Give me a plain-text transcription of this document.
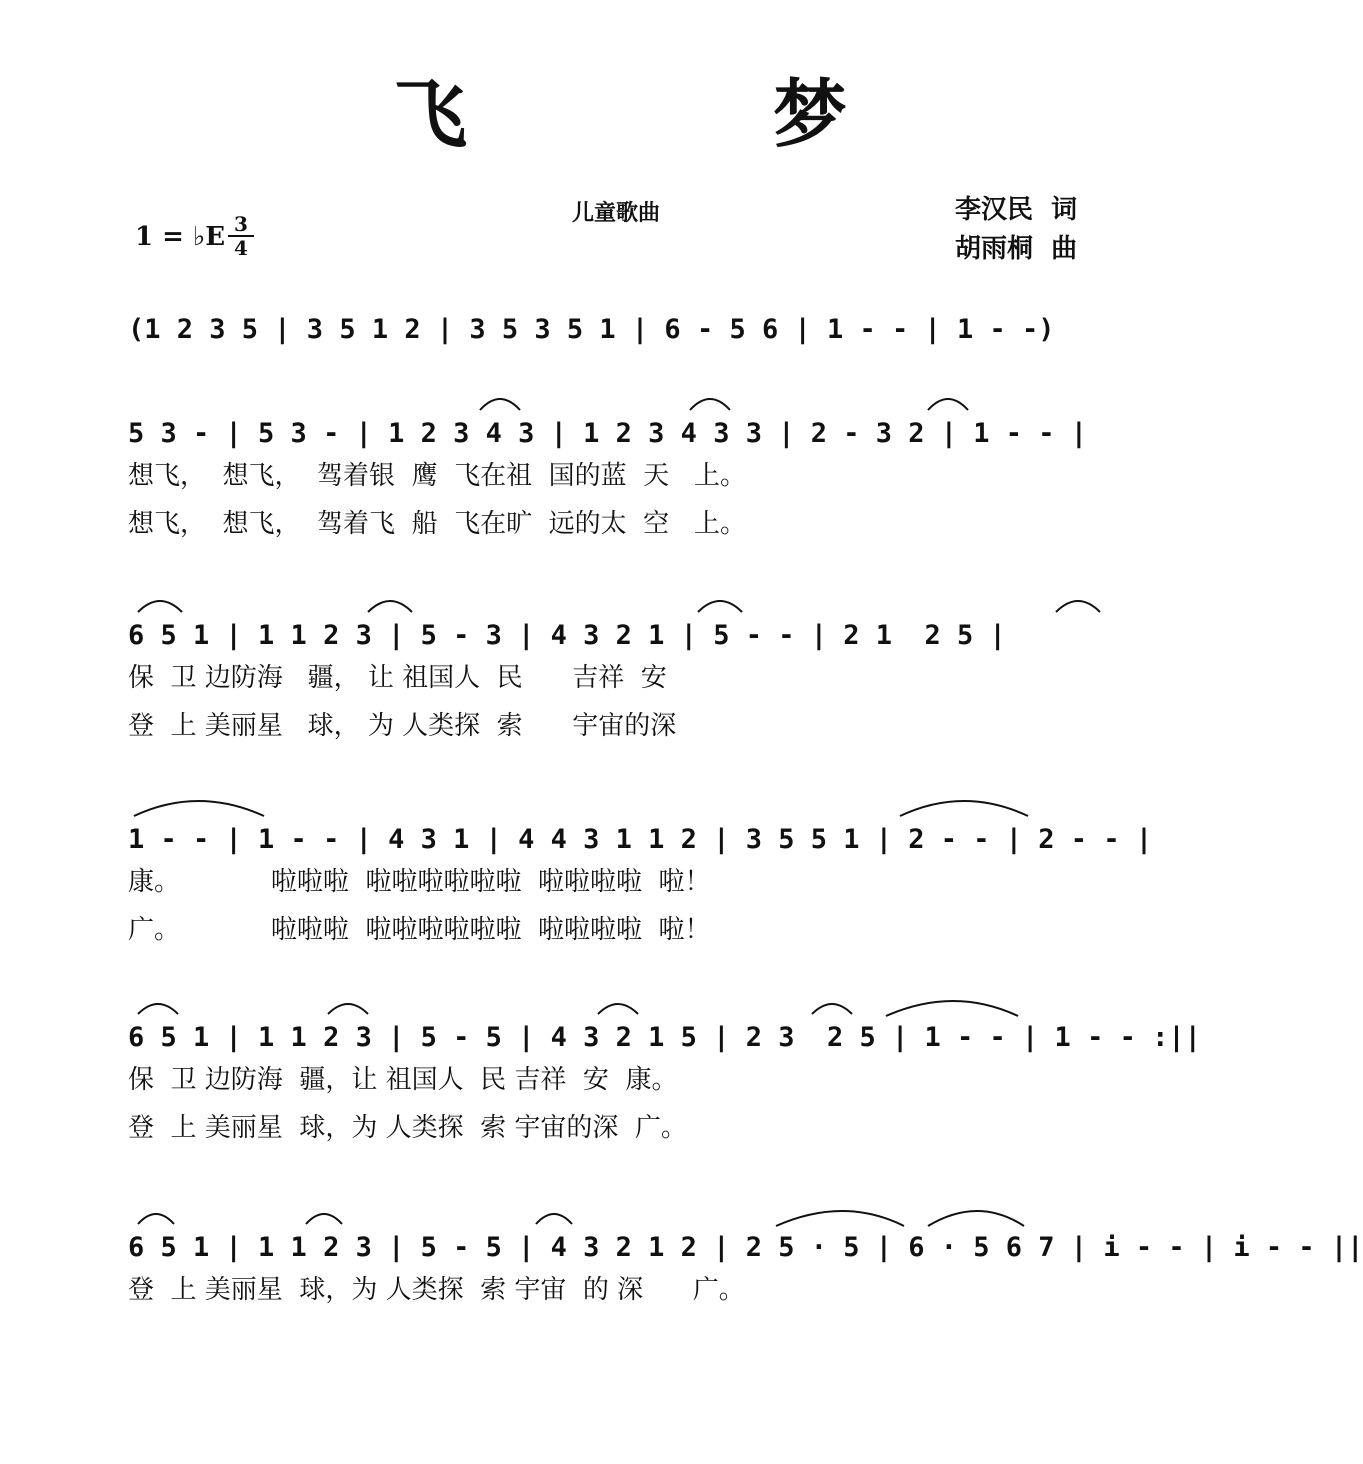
飞 梦
儿童歌曲	李汉民  词
胡雨桐  曲
1 = ♭E 3
4
(1 2 3 5 | 3 5 1 2 | 3 5 3 5 1 | 6 - 5 6 | 1 - - | 1 - -)
5 3 - | 5 3 - | 1 2 3 4 3 | 1 2 3 4 3 3 | 2 - 3 2 | 1 - - |
想飞，  想飞，  驾着银  鹰  飞在祖  国的蓝  天   上。
想飞，  想飞，  驾着飞  船  飞在旷  远的太  空   上。
6 5 1 | 1 1 2 3 | 5 - 3 | 4 3 2 1 | 5 - - | 2 1  2 5 |
保  卫 边防海   疆， 让 祖国人  民      吉祥  安
登  上 美丽星   球， 为 人类探  索      宇宙的深
1 - - | 1 - - | 4 3 1 | 4 4 3 1 1 2 | 3 5 5 1 | 2 - - | 2 - - |
康。           啦啦啦  啦啦啦啦啦啦  啦啦啦啦  啦！
广。           啦啦啦  啦啦啦啦啦啦  啦啦啦啦  啦！
6 5 1 | 1 1 2 3 | 5 - 5 | 4 3 2 1 5 | 2 3  2 5 | 1 - - | 1 - - :||
保  卫 边防海  疆，让 祖国人  民 吉祥  安  康。
登  上 美丽星  球，为 人类探  索 宇宙的深  广。
6 5 1 | 1 1 2 3 | 5 - 5 | 4 3 2 1 2 | 2 5 · 5 | 6 · 5 6 7 | i - - | i - - ||
登  上 美丽星  球，为 人类探  索 宇宙  的 深      广。
